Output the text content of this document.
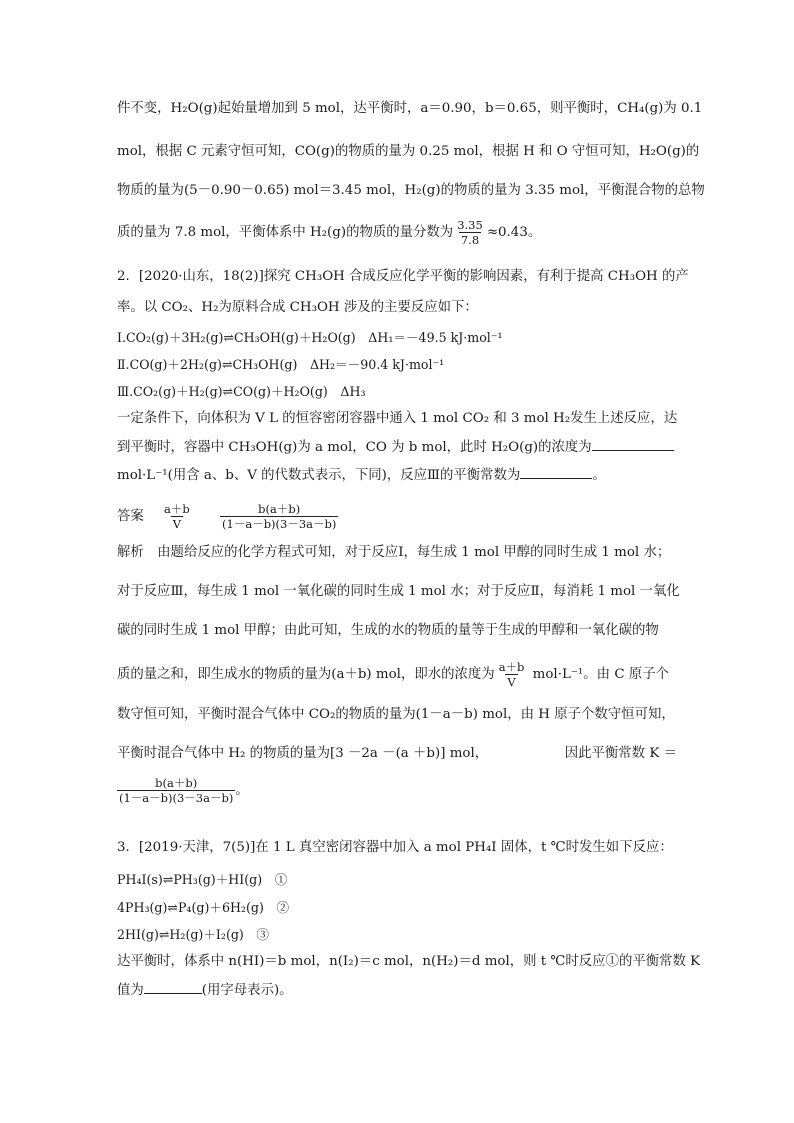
件不变，H₂O(g)起始量增加到 5 mol，达平衡时，a＝0.90，b＝0.65，则平衡时，CH₄(g)为 0.1
mol，根据 C 元素守恒可知，CO(g)的物质的量为 0.25 mol，根据 H 和 O 守恒可知，H₂O(g)的
物质的量为(5－0.90－0.65) mol＝3.45 mol，H₂(g)的物质的量为 3.35 mol，平衡混合物的总物
质的量为 7.8 mol，平衡体系中 H₂(g)的物质的量分数为 $\frac{3.35}{7.8} \approx 0.43$。
2．[2020·山东，18(2)]探究 CH₃OH 合成反应化学平衡的影响因素，有利于提高 CH₃OH 的产
率。以 CO₂、H₂为原料合成 CH₃OH 涉及的主要反应如下：
Ⅰ.CO₂(g)＋3H₂(g)⇌CH₃OH(g)＋H₂O(g)　ΔH₁＝－49.5 kJ·mol⁻¹
Ⅱ.CO(g)＋2H₂(g)⇌CH₃OH(g)　ΔH₂＝－90.4 kJ·mol⁻¹
Ⅲ.CO₂(g)＋H₂(g)⇌CO(g)＋H₂O(g)　ΔH₃
一定条件下，向体积为 V L 的恒容密闭容器中通入 1 mol CO₂ 和 3 mol H₂发生上述反应，达
到平衡时，容器中 CH₃OH(g)为 a mol，CO 为 b mol，此时 H₂O(g)的浓度为
mol·L⁻¹(用含 a、b、V 的代数式表示，下同)，反应Ⅲ的平衡常数为	。
答案 $\frac{a+b}{V}$
$\frac{b(a+b)}{(1-a-b)(3-3a-b)}$
解析　由题给反应的化学方程式可知，对于反应Ⅰ，每生成 1 mol 甲醇的同时生成 1 mol 水；
对于反应Ⅲ，每生成 1 mol 一氧化碳的同时生成 1 mol 水；对于反应Ⅱ，每消耗 1 mol 一氧化
碳的同时生成 1 mol 甲醇；由此可知，生成的水的物质的量等于生成的甲醇和一氧化碳的物
质的量之和，即生成水的物质的量为(a＋b) mol，即水的浓度为 $\frac{a+b}{V} mol\cdot L^{-1}$。由 C 原子个
数守恒可知，平衡时混合气体中 CO₂的物质的量为(1－a－b) mol，由 H 原子个数守恒可知，
平衡时混合气体中 H₂ 的物质的量为[3 －2a －(a ＋b)] mol，	因此平衡常数 K ＝
$\frac{b(a+b)}{(1-a-b)(3-3a-b)}$ 。
3．[2019·天津，7(5)]在 1 L 真空密闭容器中加入 a mol PH₄I 固体，t ℃时发生如下反应：
PH₄I(s)⇌PH₃(g)＋HI(g)　①
4PH₃(g)⇌P₄(g)＋6H₂(g)　②
2HI(g)⇌H₂(g)＋I₂(g)　③
达平衡时，体系中 n(HI)＝b mol，n(I₂)＝c mol，n(H₂)＝d mol，则 t ℃时反应①的平衡常数 K
值为	(用字母表示)。
